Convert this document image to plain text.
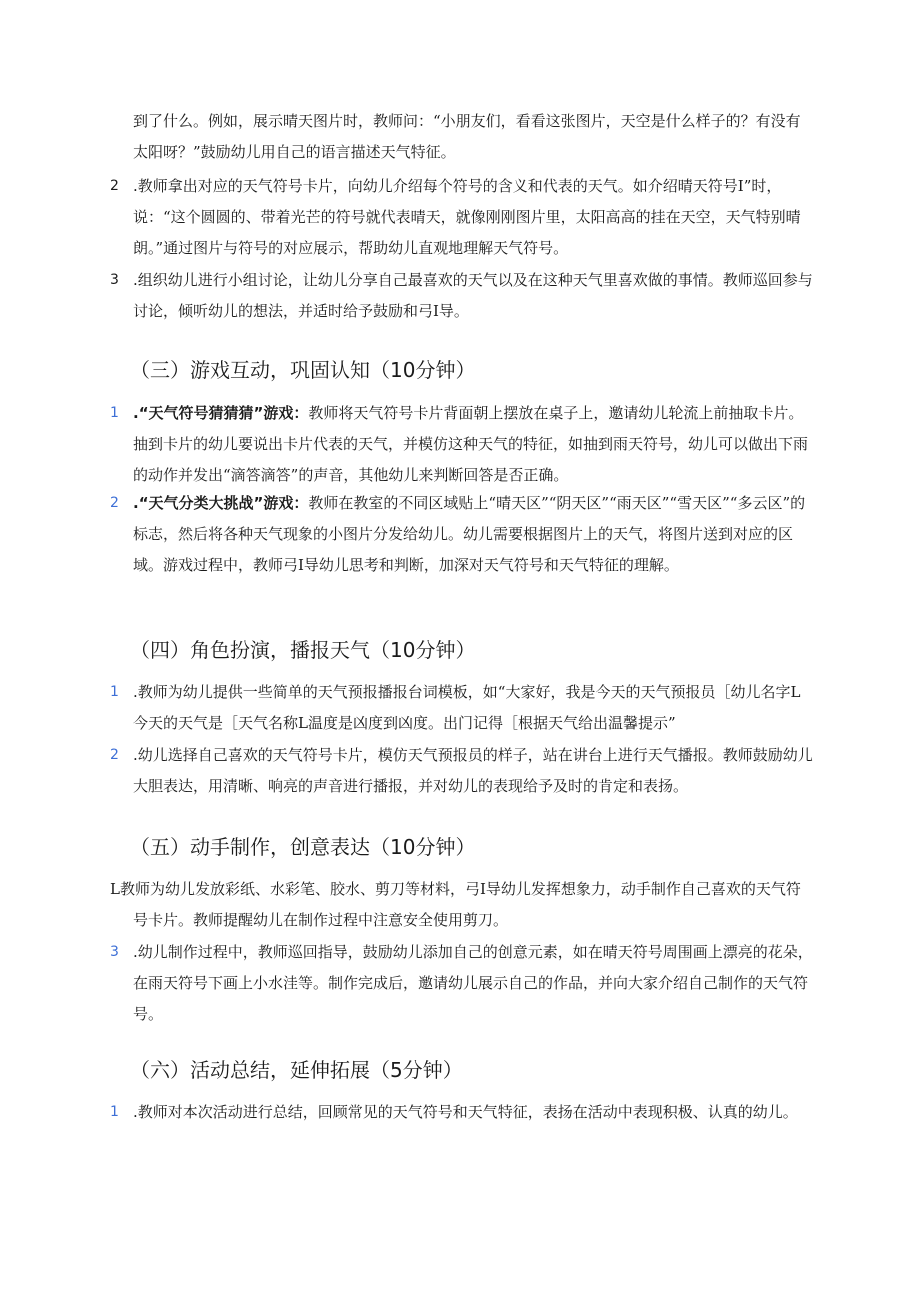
到了什么。例如，展示晴天图片时，教师问：“小朋友们，看看这张图片，天空是什么样子的？有没有太阳呀？”鼓励幼儿用自己的语言描述天气特征。

2 .教师拿出对应的天气符号卡片，向幼儿介绍每个符号的含义和代表的天气。如介绍晴天符号I”时，说：“这个圆圆的、带着光芒的符号就代表晴天，就像刚刚图片里，太阳高高的挂在天空，天气特别晴朗。”通过图片与符号的对应展示，帮助幼儿直观地理解天气符号。
3 .组织幼儿进行小组讨论，让幼儿分享自己最喜欢的天气以及在这种天气里喜欢做的事情。教师巡回参与讨论，倾听幼儿的想法，并适时给予鼓励和弓I导。
（三）游戏互动，巩固认知（10分钟）
1 .“天气符号猜猜猜”游戏：教师将天气符号卡片背面朝上摆放在桌子上，邀请幼儿轮流上前抽取卡片。抽到卡片的幼儿要说出卡片代表的天气，并模仿这种天气的特征，如抽到雨天符号，幼儿可以做出下雨的动作并发出“滴答滴答”的声音，其他幼儿来判断回答是否正确。
2 .“天气分类大挑战”游戏：教师在教室的不同区域贴上“晴天区”“阴天区”“雨天区”“雪天区”“多云区”的标志，然后将各种天气现象的小图片分发给幼儿。幼儿需要根据图片上的天气，将图片送到对应的区域。游戏过程中，教师弓I导幼儿思考和判断，加深对天气符号和天气特征的理解。
（四）角色扮演，播报天气（10分钟）
1 .教师为幼儿提供一些简单的天气预报播报台词模板，如“大家好，我是今天的天气预报员［幼儿名字L今天的天气是［天气名称L温度是凶度到凶度。出门记得［根据天气给出温馨提示”
2 .幼儿选择自己喜欢的天气符号卡片，模仿天气预报员的样子，站在讲台上进行天气播报。教师鼓励幼儿大胆表达，用清晰、响亮的声音进行播报，并对幼儿的表现给予及时的肯定和表扬。
（五）动手制作，创意表达（10分钟）
L教师为幼儿发放彩纸、水彩笔、胶水、剪刀等材料，弓I导幼儿发挥想象力，动手制作自己喜欢的天气符号卡片。教师提醒幼儿在制作过程中注意安全使用剪刀。
3 .幼儿制作过程中，教师巡回指导，鼓励幼儿添加自己的创意元素，如在晴天符号周围画上漂亮的花朵，在雨天符号下画上小水洼等。制作完成后，邀请幼儿展示自己的作品，并向大家介绍自己制作的天气符号。
（六）活动总结，延伸拓展（5分钟）
1 .教师对本次活动进行总结，回顾常见的天气符号和天气特征，表扬在活动中表现积极、认真的幼儿。
